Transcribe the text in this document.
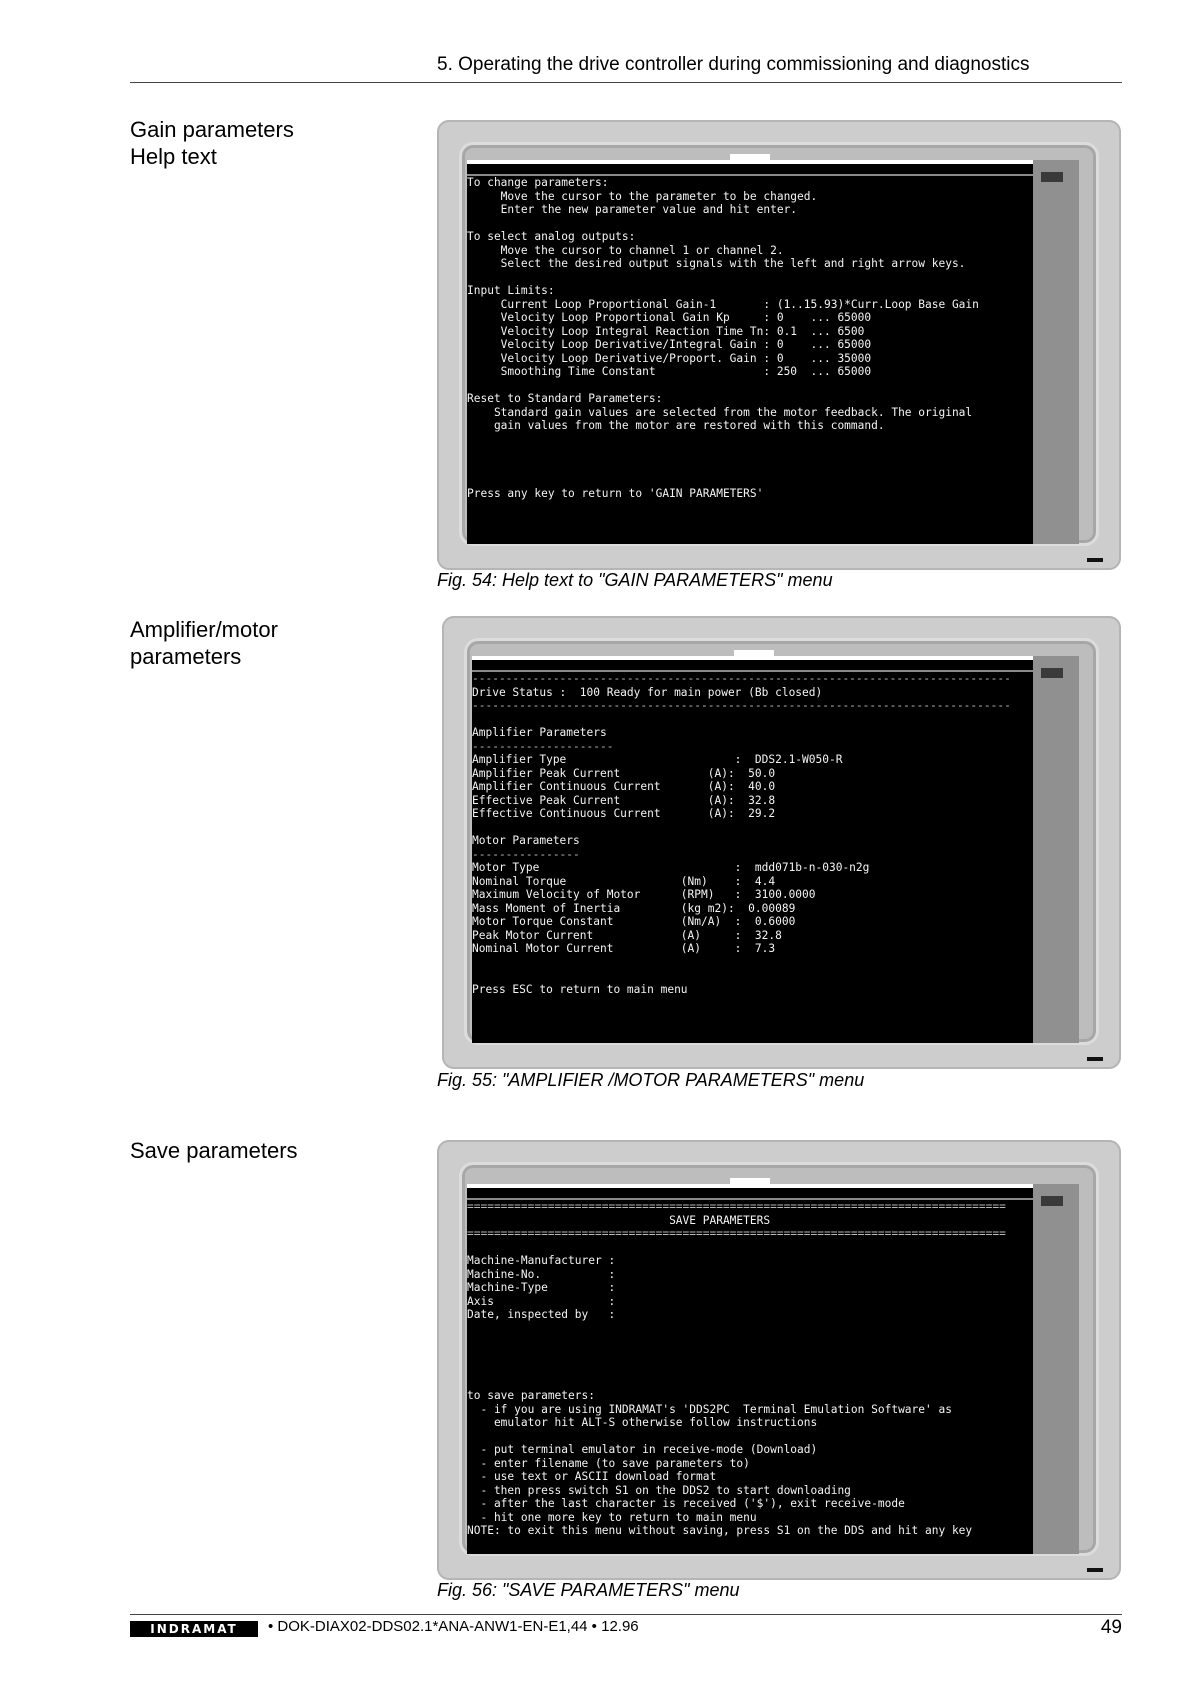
5. Operating the drive controller during commissioning and diagnostics
Gain parameters
Help text
To change parameters:
Move the cursor to the parameter to be changed.
Enter the new parameter value and hit enter.
To select analog outputs:
Move the cursor to channel 1 or channel 2.
Select the desired output signals with the left and right arrow keys.
Input Limits:
Current Loop Proportional Gain-1       : (1..15.93)*Curr.Loop Base Gain
Velocity Loop Proportional Gain Kp     : 0    ... 65000
Velocity Loop Integral Reaction Time Tn: 0.1  ... 6500
Velocity Loop Derivative/Integral Gain : 0    ... 65000
Velocity Loop Derivative/Proport. Gain : 0    ... 35000
Smoothing Time Constant                : 250  ... 65000
Reset to Standard Parameters:
Standard gain values are selected from the motor feedback. The original
gain values from the motor are restored with this command.
Press any key to return to 'GAIN PARAMETERS'
Fig. 54: Help text to "GAIN PARAMETERS" menu
Amplifier/motor
parameters
--------------------------------------------------------------------------------
Drive Status :  100 Ready for main power (Bb closed)
--------------------------------------------------------------------------------
Amplifier Parameters
---------------------
Amplifier Type                         :  DDS2.1-W050-R
Amplifier Peak Current             (A):  50.0
Amplifier Continuous Current       (A):  40.0
Effective Peak Current             (A):  32.8
Effective Continuous Current       (A):  29.2
Motor Parameters
----------------
Motor Type                             :  mdd071b-n-030-n2g
Nominal Torque                 (Nm)    :  4.4
Maximum Velocity of Motor      (RPM)   :  3100.0000
Mass Moment of Inertia         (kg m2):  0.00089
Motor Torque Constant          (Nm/A)  :  0.6000
Peak Motor Current             (A)     :  32.8
Nominal Motor Current          (A)     :  7.3
Press ESC to return to main menu
Fig. 55: "AMPLIFIER /MOTOR PARAMETERS" menu
Save parameters
================================================================================
SAVE PARAMETERS
================================================================================
Machine-Manufacturer :
Machine-No.          :
Machine-Type         :
Axis                 :
Date, inspected by   :
to save parameters:
- if you are using INDRAMAT's 'DDS2PC  Terminal Emulation Software' as
emulator hit ALT-S otherwise follow instructions
- put terminal emulator in receive-mode (Download)
- enter filename (to save parameters to)
- use text or ASCII download format
- then press switch S1 on the DDS2 to start downloading
- after the last character is received ('$'), exit receive-mode
- hit one more key to return to main menu
NOTE: to exit this menu without saving, press S1 on the DDS and hit any key
Fig. 56: "SAVE PARAMETERS" menu
INDRAMAT	• DOK-DIAX02-DDS02.1*ANA-ANW1-EN-E1,44 • 12.96	49
